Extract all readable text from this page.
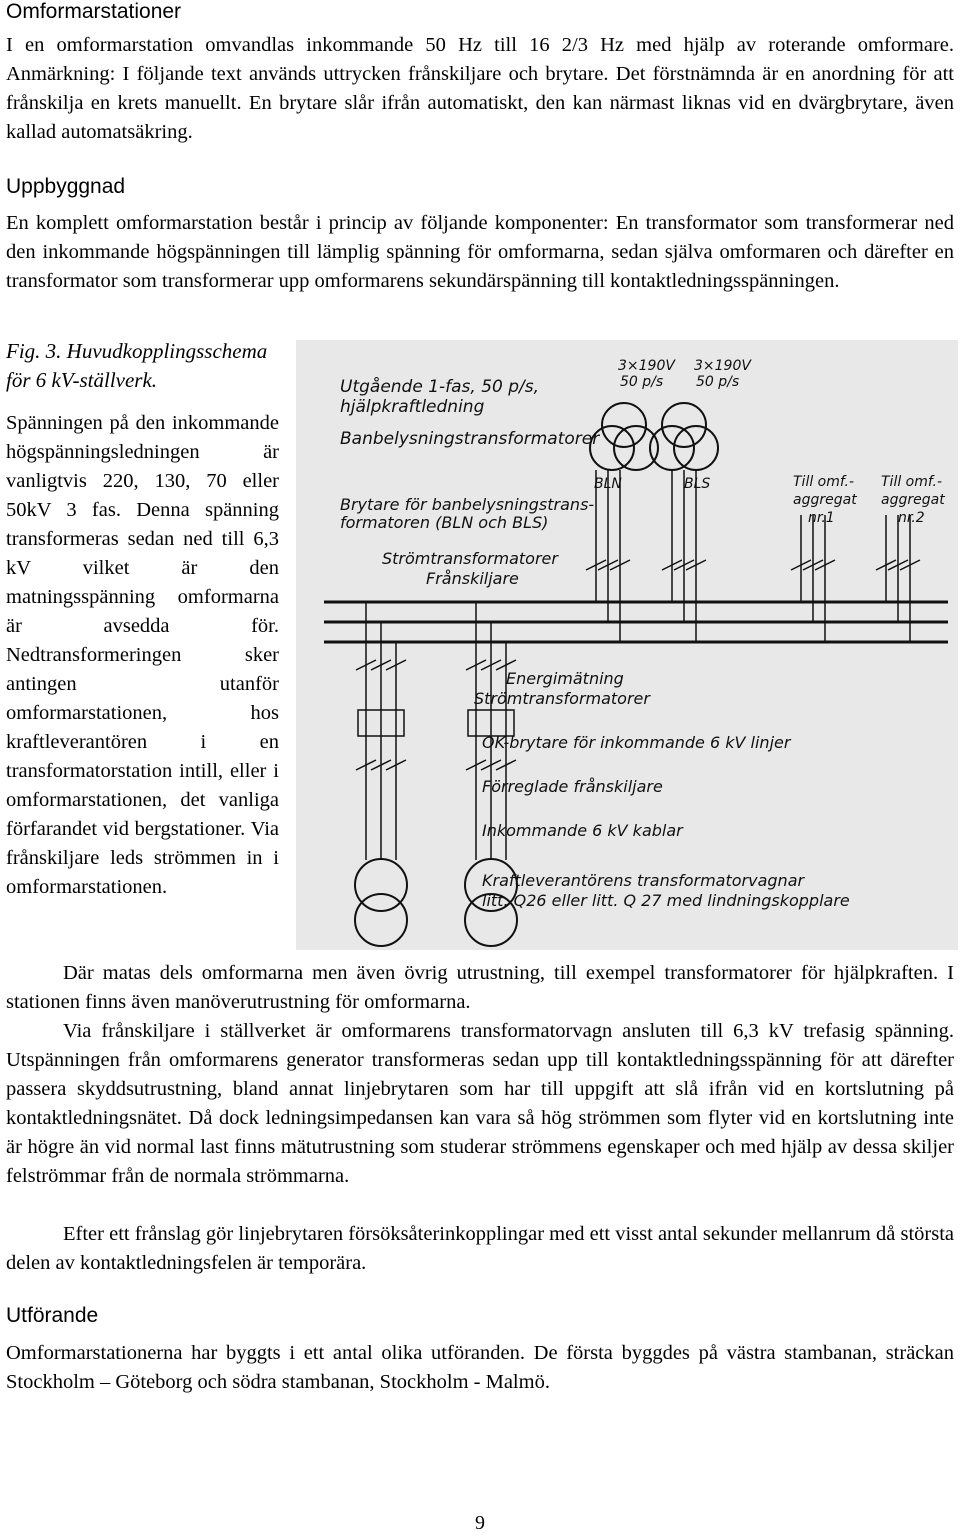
Omformarstationer
I en omformarstation omvandlas inkommande 50 Hz till 16 2/3 Hz med hjälp av roterande omformare. Anmärkning: I följande text används uttrycken frånskiljare och brytare. Det förstnämnda är en anordning för att frånskilja en krets manuellt. En brytare slår ifrån automatiskt, den kan närmast liknas vid en dvärgbrytare, även kallad automatsäkring.
Uppbyggnad
En komplett omformarstation består i princip av följande komponenter: En transformator som transformerar ned den inkommande högspänningen till lämplig spänning för omformarna, sedan själva omformaren och därefter en transformator som transformerar upp omformarens sekundärspänning till kontaktledningsspänningen.
Fig. 3. Huvudkopplingsschema för 6 kV-ställverk.
Spänningen på den inkommande högspänningsledningen är vanligtvis 220, 130, 70 eller 50kV 3 fas. Denna spänning transformeras sedan ned till 6,3 kV vilket är den matningsspänning omformarna är avsedda för. Nedtransformeringen sker antingen utanför omformarstationen, hos kraftleverantören i en transformatorstation intill, eller i omformarstationen, det vanliga förfarandet vid bergstationer. Via frånskiljare leds strömmen in i omformarstationen.
3×190V
50 p/s
3×190V
50 p/s
Utgående 1-fas, 50 p/s,
hjälpkraftledning
Banbelysningstransformatorer
BLN	BLS	Till omf.-
aggregat
nr.1
Till omf.-
aggregat
nr.2
Brytare för banbelysningstrans-
formatoren (BLN och BLS)
Strömtransformatorer
Frånskiljare
Energimätning
Strömtransformatorer
OK-brytare för inkommande 6 kV linjer
Förreglade frånskiljare
Inkommande 6 kV kablar
Kraftleverantörens transformatorvagnar
litt. Q26 eller litt. Q 27 med lindningskopplare
Där matas dels omformarna men även övrig utrustning, till exempel transformatorer för hjälpkraften. I stationen finns även manöverutrustning för omformarna.
Via frånskiljare i ställverket är omformarens transformatorvagn ansluten till 6,3 kV trefasig spänning. Utspänningen från omformarens generator transformeras sedan upp till kontaktledningsspänning för att därefter passera skyddsutrustning, bland annat linjebrytaren som har till uppgift att slå ifrån vid en kortslutning på kontaktledningsnätet. Då dock ledningsimpedansen kan vara så hög strömmen som flyter vid en kortslutning inte är högre än vid normal last finns mätutrustning som studerar strömmens egenskaper och med hjälp av dessa skiljer felströmmar från de normala strömmarna.
Efter ett frånslag gör linjebrytaren försöksåterinkopplingar med ett visst antal sekunder mellanrum då största delen av kontaktledningsfelen är temporära.
Utförande
Omformarstationerna har byggts i ett antal olika utföranden. De första byggdes på västra stambanan, sträckan Stockholm – Göteborg och södra stambanan, Stockholm - Malmö.
9
